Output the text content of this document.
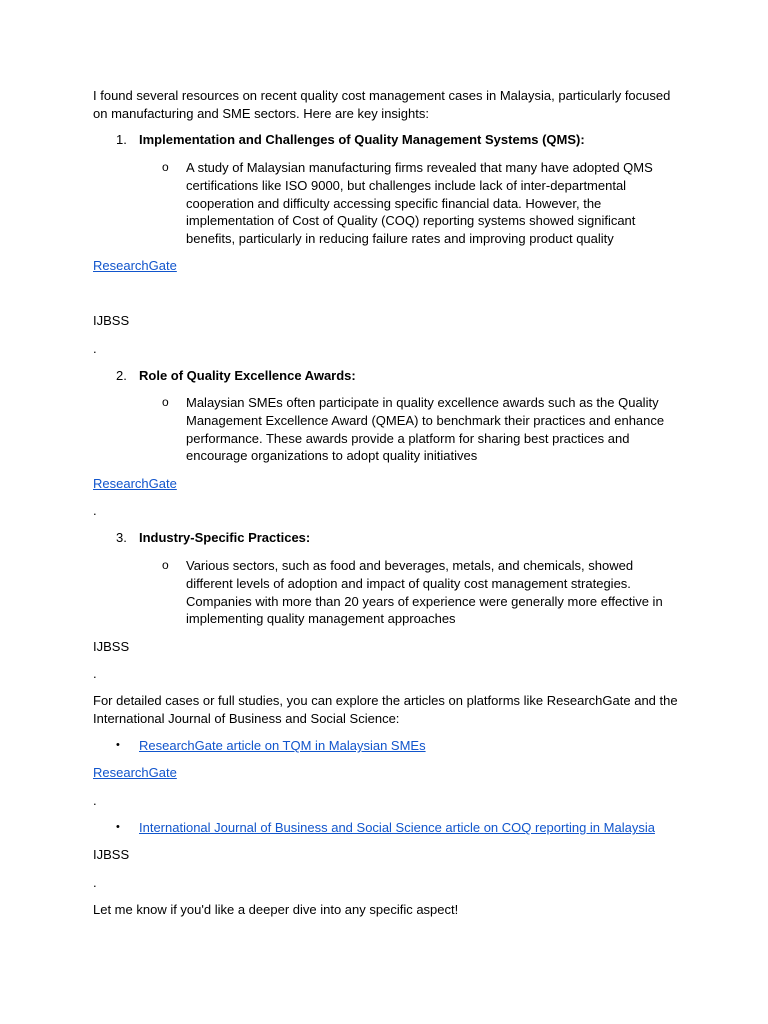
I found several resources on recent quality cost management cases in Malaysia, particularly focused on manufacturing and SME sectors. Here are key insights:

1. Implementation and Challenges of Quality Management Systems (QMS):
o A study of Malaysian manufacturing firms revealed that many have adopted QMS certifications like ISO 9000, but challenges include lack of inter-departmental cooperation and difficulty accessing specific financial data. However, the implementation of Cost of Quality (COQ) reporting systems showed significant benefits, particularly in reducing failure rates and improving product quality

ResearchGate
IJBSS
.
2. Role of Quality Excellence Awards:
o Malaysian SMEs often participate in quality excellence awards such as the Quality Management Excellence Award (QMEA) to benchmark their practices and enhance performance. These awards provide a platform for sharing best practices and encourage organizations to adopt quality initiatives

ResearchGate
.
3. Industry-Specific Practices:
o Various sectors, such as food and beverages, metals, and chemicals, showed different levels of adoption and impact of quality cost management strategies. Companies with more than 20 years of experience were generally more effective in implementing quality management approaches

IJBSS
.

For detailed cases or full studies, you can explore the articles on platforms like ResearchGate and the International Journal of Business and Social Science:

• ResearchGate article on TQM in Malaysian SMEs
ResearchGate
.
• International Journal of Business and Social Science article on COQ reporting in Malaysia
IJBSS
.

Let me know if you'd like a deeper dive into any specific aspect!
